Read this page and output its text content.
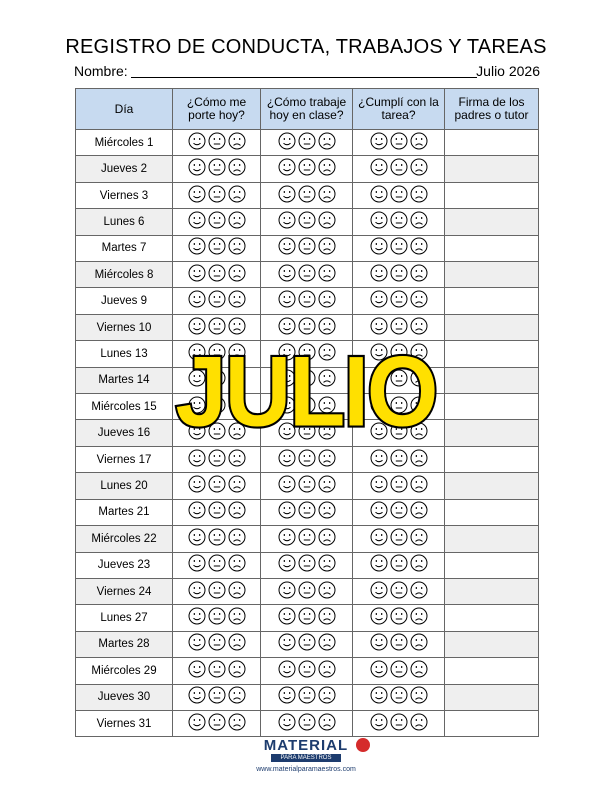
REGISTRO DE CONDUCTA, TRABAJOS Y TAREAS
Nombre:	Julio 2026
Día	¿Cómo me porte hoy?	¿Cómo trabaje hoy en clase?	¿Cumplí con la tarea?	Firma de los padres o tutor
Miércoles 1				
Jueves 2				
Viernes 3				
Lunes 6				
Martes 7				
Miércoles 8				
Jueves 9				
Viernes 10				
Lunes 13				
Martes 14				
Miércoles 15				
Jueves 16				
Viernes 17				
Lunes 20				
Martes 21				
Miércoles 22				
Jueves 23				
Viernes 24				
Lunes 27				
Martes 28				
Miércoles 29				
Jueves 30				
Viernes 31				
JULIO
MATERIAL
PARA MAESTROS
www.materialparamaestros.com
